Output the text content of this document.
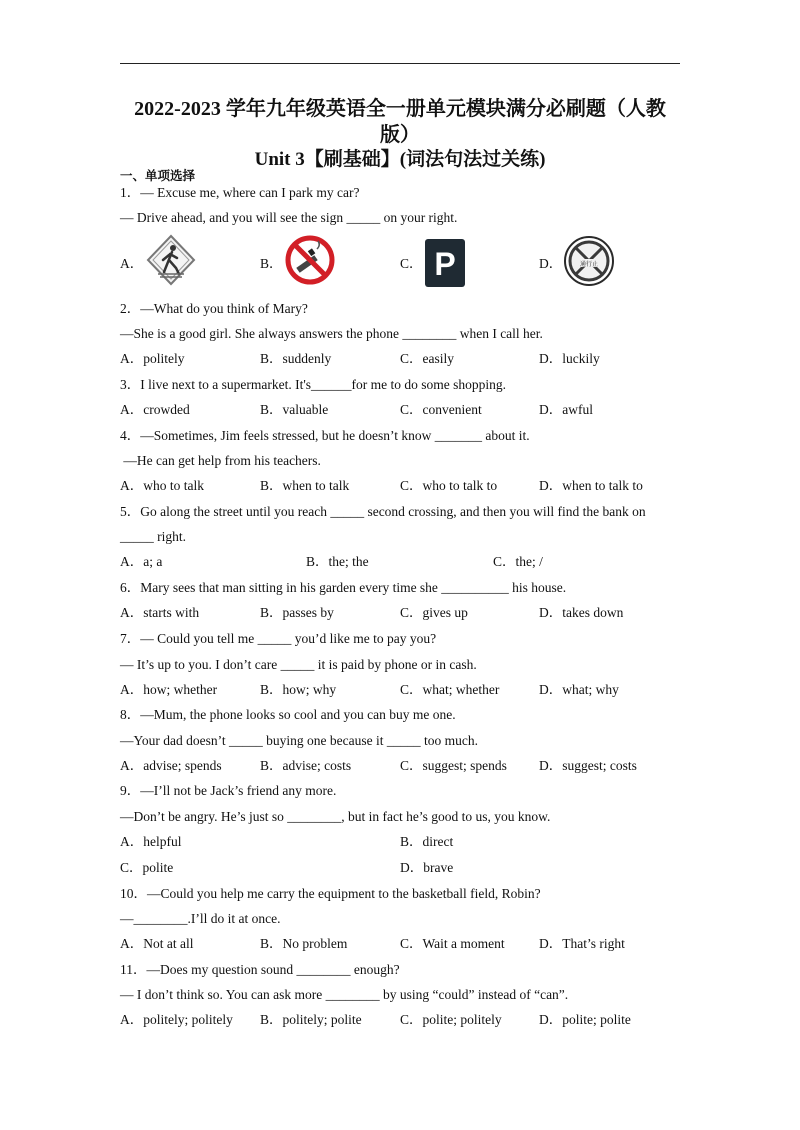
2022-2023 学年九年级英语全一册单元模块满分必刷题（人教
版）
Unit 3【刷基础】(词法句法过关练)
一、单项选择
1．— Excuse me, where can I park my car?
— Drive ahead, and you will see the sign _____ on your right.
A．	B．	C．	D．
P	通行止
2．—What do you think of Mary?
—She is a good girl. She always answers the phone ________ when I call her.
A．politely	B．suddenly	C．easily	D．luckily
3．I live next to a supermarket. It's______for me to do some shopping.
A．crowded	B．valuable	C．convenient	D．awful
4．—Sometimes, Jim feels stressed, but he doesn’t know _______ about it.
—He can get help from his teachers.
A．who to talk	B．when to talk	C．who to talk to	D．when to talk to
5．Go along the street until you reach _____ second crossing, and then you will find the bank on
_____ right.
A．a; a	B．the; the	C．the; /
6．Mary sees that man sitting in his garden every time she __________ his house.
A．starts with	B．passes by	C．gives up	D．takes down
7．— Could you tell me _____ you’d like me to pay you?
— It’s up to you. I don’t care _____ it is paid by phone or in cash.
A．how; whether	B．how; why	C．what; whether	D．what; why
8．—Mum, the phone looks so cool and you can buy me one.
—Your dad doesn’t _____ buying one because it _____ too much.
A．advise; spends	B．advise; costs	C．suggest; spends D．suggest; costs
9．—I’ll not be Jack’s friend any more.
—Don’t be angry. He’s just so ________, but in fact he’s good to us, you know.
A．helpful	B．direct
C．polite	D．brave
10．—Could you help me carry the equipment to the basketball field, Robin?
—________.I’ll do it at once.
A．Not at all	B．No problem	C．Wait a moment	D．That’s right
11．—Does my question sound ________ enough?
— I don’t think so. You can ask more ________ by using “could” instead of “can”.
A．politely; politely B．politely; polite	C．polite; politely	D．polite; polite
